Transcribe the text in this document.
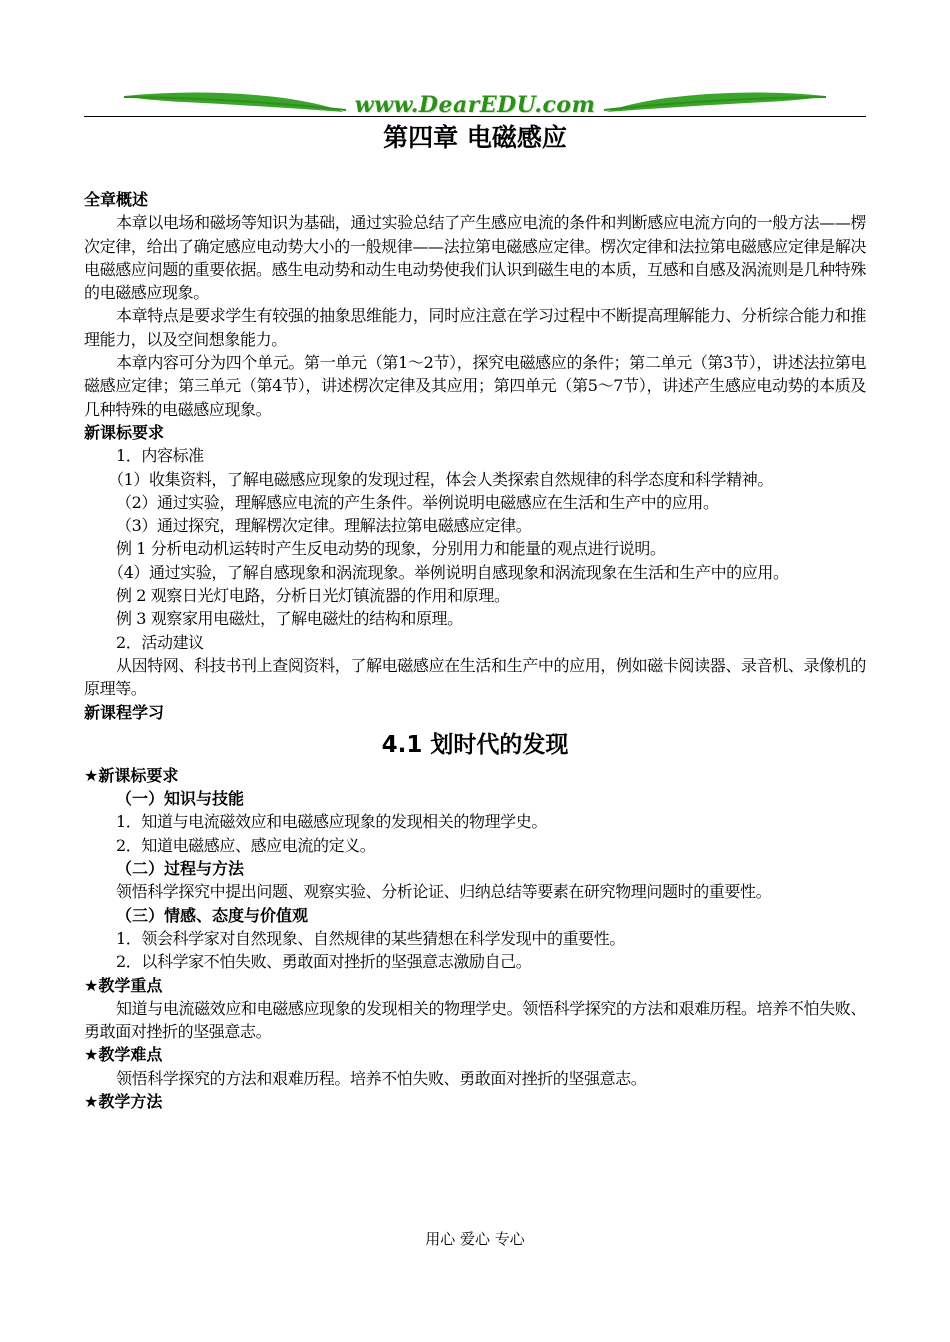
www.DearEDU.com
第四章 电磁感应
全章概述

本章以电场和磁场等知识为基础，通过实验总结了产生感应电流的条件和判断感应电流方向的一般方法——楞次定律，给出了确定感应电动势大小的一般规律——法拉第电磁感应定律。楞次定律和法拉第电磁感应定律是解决电磁感应问题的重要依据。感生电动势和动生电动势使我们认识到磁生电的本质，互感和自感及涡流则是几种特殊的电磁感应现象。

本章特点是要求学生有较强的抽象思维能力，同时应注意在学习过程中不断提高理解能力、分析综合能力和推理能力，以及空间想象能力。

本章内容可分为四个单元。第一单元（第1～2节），探究电磁感应的条件；第二单元（第3节），讲述法拉第电磁感应定律；第三单元（第4节），讲述楞次定律及其应用；第四单元（第5～7节），讲述产生感应电动势的本质及几种特殊的电磁感应现象。

新课标要求

1．内容标准

（1）收集资料，了解电磁感应现象的发现过程，体会人类探索自然规律的科学态度和科学精神。

（2）通过实验，理解感应电流的产生条件。举例说明电磁感应在生活和生产中的应用。

（3）通过探究，理解楞次定律。理解法拉第电磁感应定律。

例 1 分析电动机运转时产生反电动势的现象，分别用力和能量的观点进行说明。

（4）通过实验，了解自感现象和涡流现象。举例说明自感现象和涡流现象在生活和生产中的应用。

例 2 观察日光灯电路，分析日光灯镇流器的作用和原理。

例 3 观察家用电磁灶，了解电磁灶的结构和原理。

2．活动建议

从因特网、科技书刊上查阅资料，了解电磁感应在生活和生产中的应用，例如磁卡阅读器、录音机、录像机的原理等。

新课程学习
4.1 划时代的发现
★新课标要求
（一）知识与技能

1．知道与电流磁效应和电磁感应现象的发现相关的物理学史。

2．知道电磁感应、感应电流的定义。

（二）过程与方法

领悟科学探究中提出问题、观察实验、分析论证、归纳总结等要素在研究物理问题时的重要性。

（三）情感、态度与价值观

1．领会科学家对自然现象、自然规律的某些猜想在科学发现中的重要性。

2．以科学家不怕失败、勇敢面对挫折的坚强意志激励自己。

★教学重点

知道与电流磁效应和电磁感应现象的发现相关的物理学史。领悟科学探究的方法和艰难历程。培养不怕失败、勇敢面对挫折的坚强意志。

★教学难点

领悟科学探究的方法和艰难历程。培养不怕失败、勇敢面对挫折的坚强意志。

★教学方法
用心 爱心 专心
